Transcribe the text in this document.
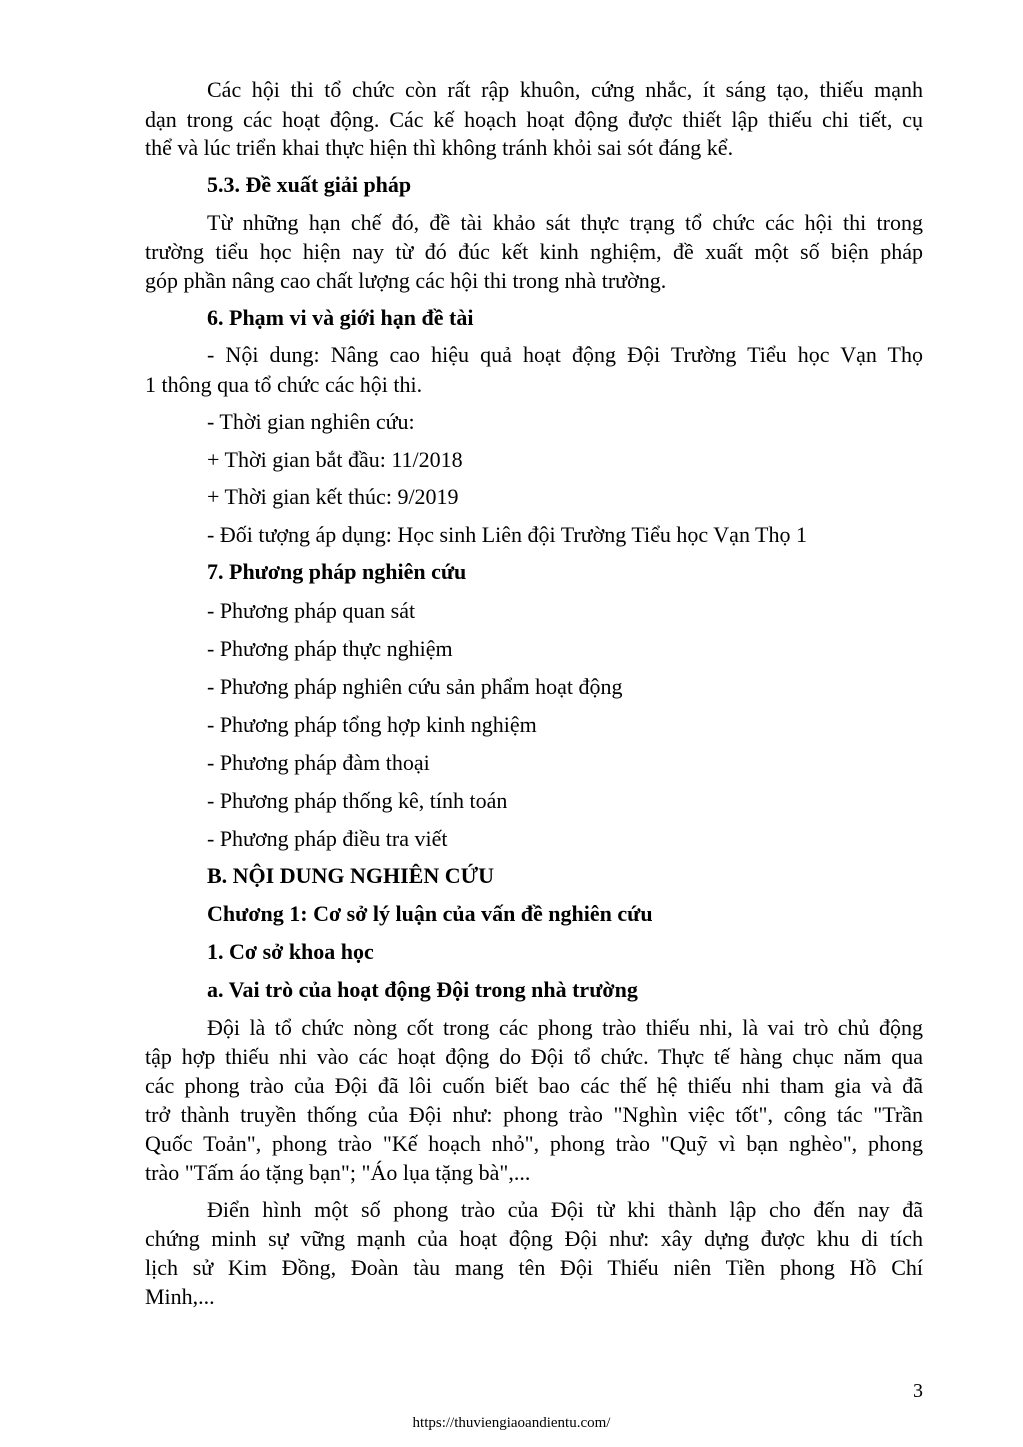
Các hội thi tổ chức còn rất rập khuôn, cứng nhắc, ít sáng tạo, thiếu mạnh
dạn trong các hoạt động. Các kế hoạch hoạt động được thiết lập thiếu chi tiết, cụ
thể và lúc triển khai thực hiện thì không tránh khỏi sai sót đáng kể.
5.3. Đề xuất giải pháp
Từ những hạn chế đó, đề tài khảo sát thực trạng tổ chức các hội thi trong
trường tiểu học hiện nay từ đó đúc kết kinh nghiệm, đề xuất một số biện pháp
góp phần nâng cao chất lượng các hội thi trong nhà trường.
6. Phạm vi và giới hạn đề tài
- Nội dung: Nâng cao hiệu quả hoạt động Đội Trường Tiểu học Vạn Thọ
1 thông qua tổ chức các hội thi.
- Thời gian nghiên cứu:
+ Thời gian bắt đầu: 11/2018
+ Thời gian kết thúc: 9/2019
- Đối tượng áp dụng: Học sinh Liên đội Trường Tiểu học Vạn Thọ 1
7. Phương pháp nghiên cứu
- Phương pháp quan sát
- Phương pháp thực nghiệm
- Phương pháp nghiên cứu sản phẩm hoạt động
- Phương pháp tổng hợp kinh nghiệm
- Phương pháp đàm thoại
- Phương pháp thống kê, tính toán
- Phương pháp điều tra viết
B. NỘI DUNG NGHIÊN CỨU
Chương 1: Cơ sở lý luận của vấn đề nghiên cứu
1. Cơ sở khoa học
a. Vai trò của hoạt động Đội trong nhà trường
Đội là tổ chức nòng cốt trong các phong trào thiếu nhi, là vai trò chủ động
tập hợp thiếu nhi vào các hoạt động do Đội tổ chức. Thực tế hàng chục năm qua
các phong trào của Đội đã lôi cuốn biết bao các thế hệ thiếu nhi tham gia và đã
trở thành truyền thống của Đội như: phong trào "Nghìn việc tốt", công tác "Trần
Quốc Toản", phong trào "Kế hoạch nhỏ", phong trào "Quỹ vì bạn nghèo", phong
trào "Tấm áo tặng bạn"; "Áo lụa tặng bà",...
Điển hình một số phong trào của Đội từ khi thành lập cho đến nay đã
chứng minh sự vững mạnh của hoạt động Đội như: xây dựng được khu di tích
lịch sử Kim Đồng, Đoàn tàu mang tên Đội Thiếu niên Tiền phong Hồ Chí
Minh,...
3
https://thuviengiaoandientu.com/
